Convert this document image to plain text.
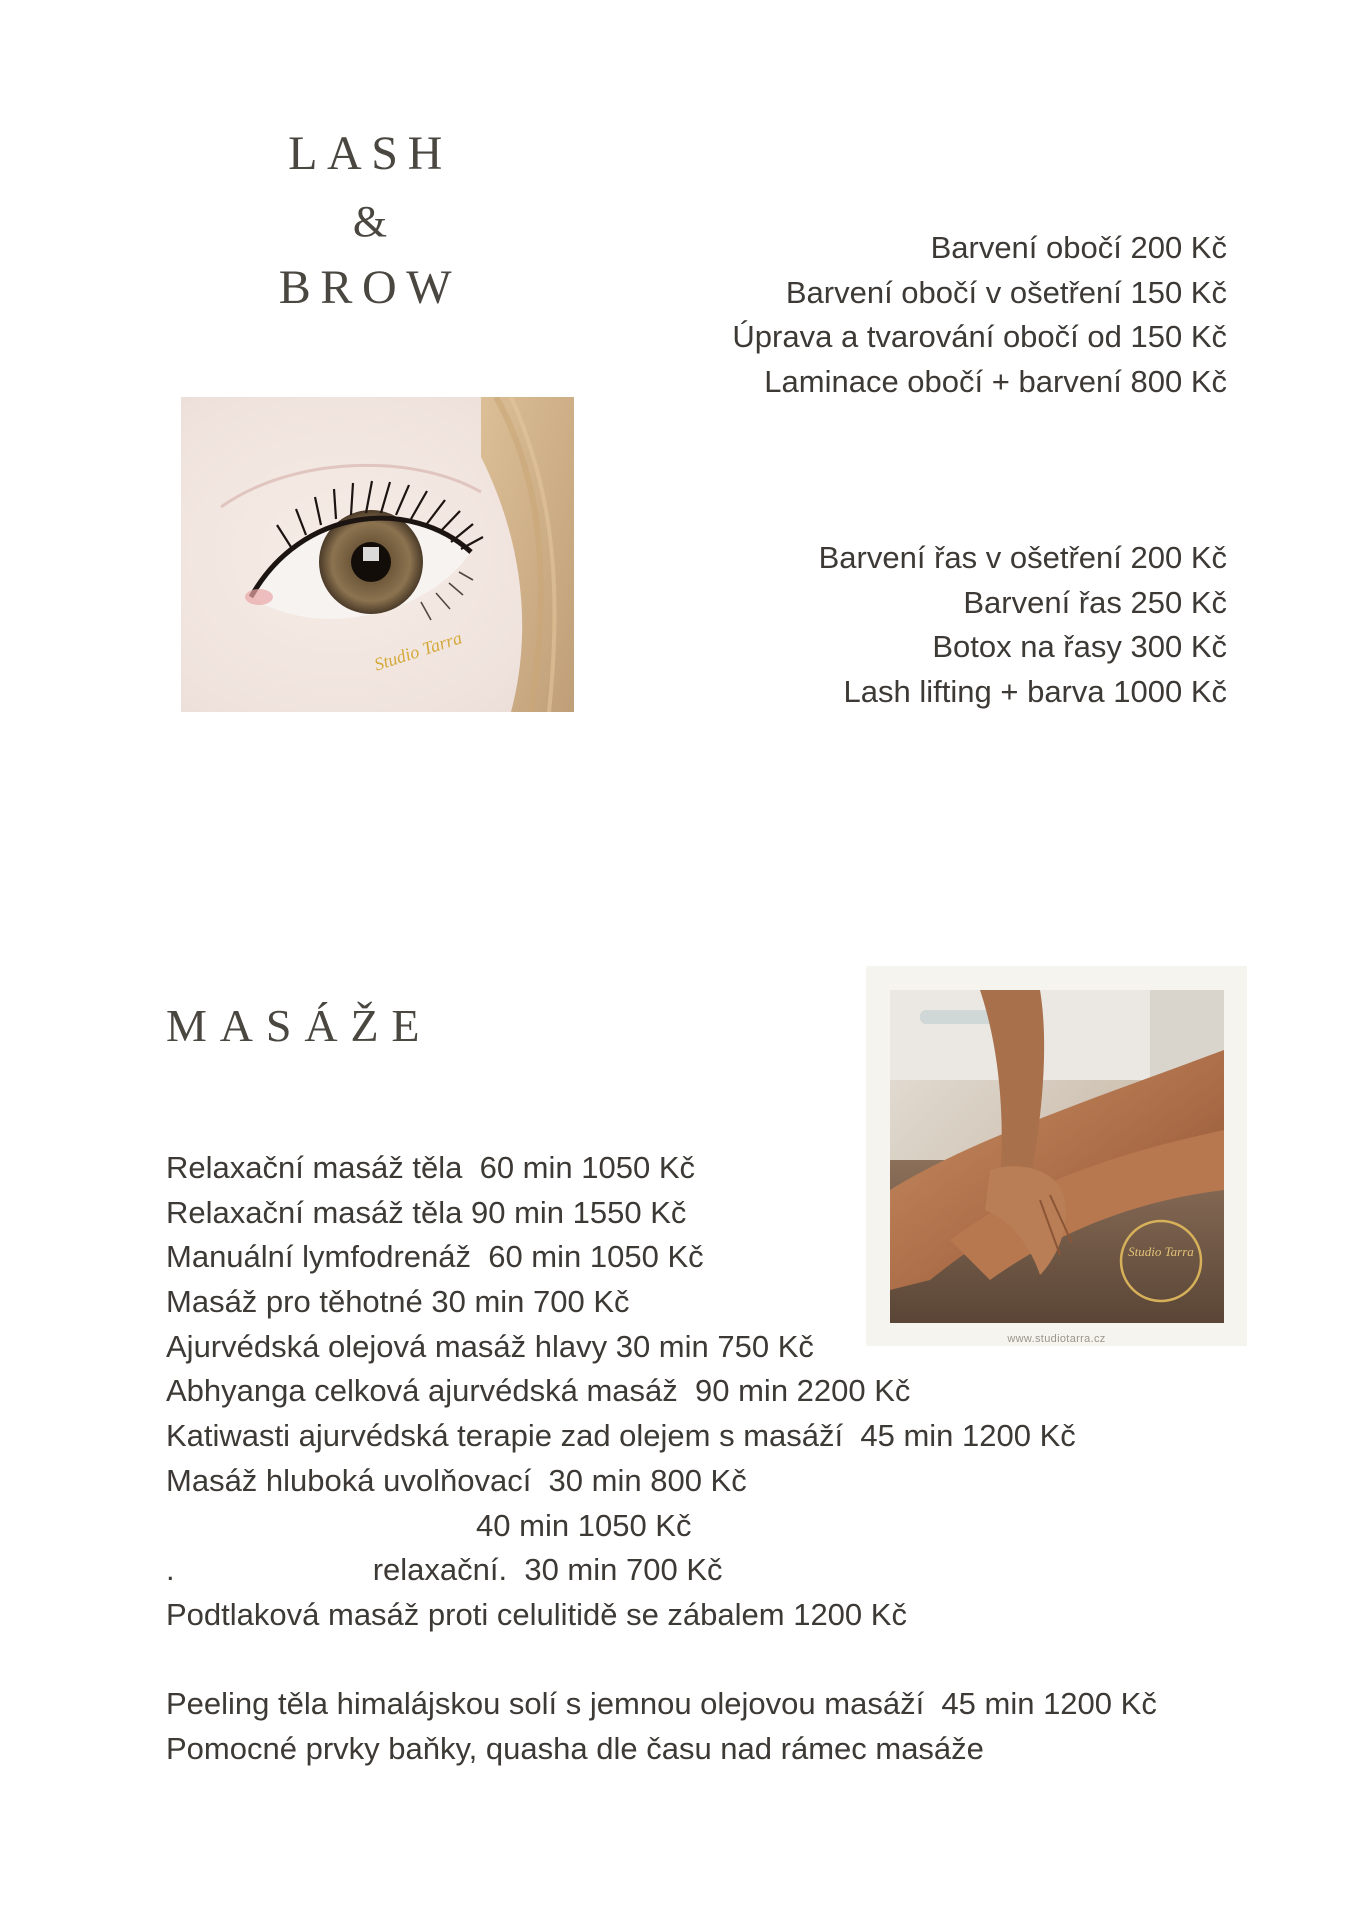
LASH
&
BROW
Barvení obočí 200 Kč
Barvení obočí v ošetření 150 Kč
Úprava a tvarování obočí od 150 Kč
Laminace obočí + barvení 800 Kč
Studio Tarra
Barvení řas v ošetření 200 Kč
Barvení řas 250 Kč
Botox na řasy 300 Kč
Lash lifting + barva 1000 Kč
MASÁŽE
Studio Tarra
www.studiotarra.cz
Relaxační masáž těla  60 min 1050 Kč
Relaxační masáž těla 90 min 1550 Kč
Manuální lymfodrenáž  60 min 1050 Kč
Masáž pro těhotné 30 min 700 Kč
Ajurvédská olejová masáž hlavy 30 min 750 Kč
Abhyanga celková ajurvédská masáž  90 min 2200 Kč
Katiwasti ajurvédská terapie zad olejem s masáží  45 min 1200 Kč
Masáž hluboká uvolňovací  30 min 800 Kč
40 min 1050 Kč
.                       relaxační.  30 min 700 Kč
Podtlaková masáž proti celulitidě se zábalem 1200 Kč
Peeling těla himalájskou solí s jemnou olejovou masáží  45 min 1200 Kč
Pomocné prvky baňky, quasha dle času nad rámec masáže
